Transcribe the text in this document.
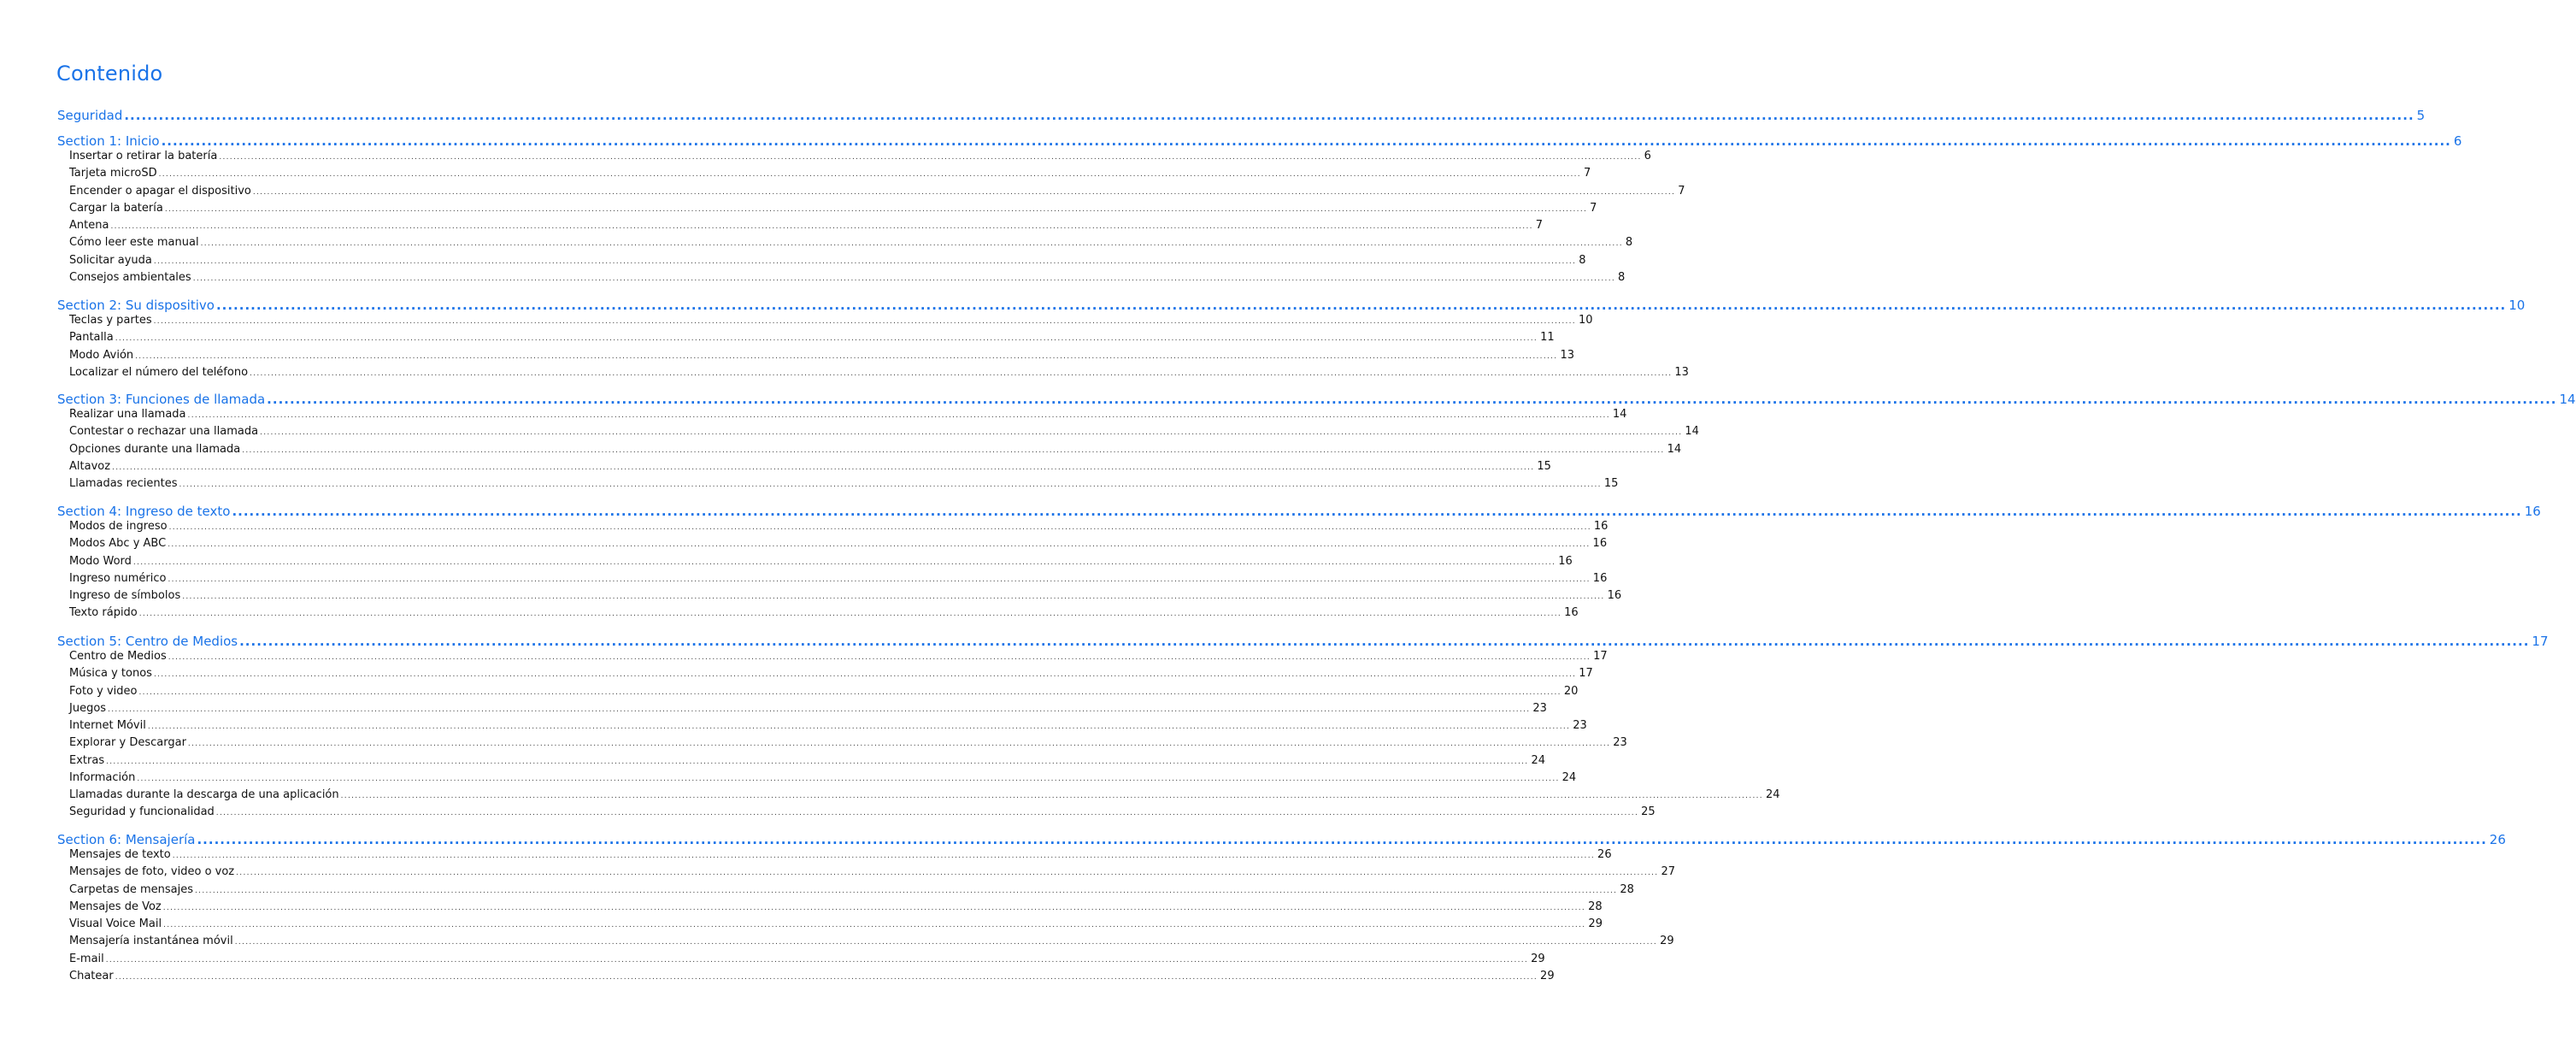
Contenido
Seguridad ................................................................................................................................................................................................................................................................................................................................................................................................................ 5
Section 1: Inicio ................................................................................................................................................................................................................................................................................................................................................................................................................ 6
Insertar o retirar la batería ................................................................................................................................................................................................................................................................................................................................................................................................................ 6
Tarjeta microSD ................................................................................................................................................................................................................................................................................................................................................................................................................ 7
Encender o apagar el dispositivo ................................................................................................................................................................................................................................................................................................................................................................................................................ 7
Cargar la batería ................................................................................................................................................................................................................................................................................................................................................................................................................ 7
Antena ................................................................................................................................................................................................................................................................................................................................................................................................................ 7
Cómo leer este manual ................................................................................................................................................................................................................................................................................................................................................................................................................ 8
Solicitar ayuda ................................................................................................................................................................................................................................................................................................................................................................................................................ 8
Consejos ambientales ................................................................................................................................................................................................................................................................................................................................................................................................................ 8
Section 2: Su dispositivo ................................................................................................................................................................................................................................................................................................................................................................................................................ 10
Teclas y partes ................................................................................................................................................................................................................................................................................................................................................................................................................ 10
Pantalla ................................................................................................................................................................................................................................................................................................................................................................................................................ 11
Modo Avión ................................................................................................................................................................................................................................................................................................................................................................................................................ 13
Localizar el número del teléfono ................................................................................................................................................................................................................................................................................................................................................................................................................ 13
Section 3: Funciones de llamada ................................................................................................................................................................................................................................................................................................................................................................................................................ 14
Realizar una llamada ................................................................................................................................................................................................................................................................................................................................................................................................................ 14
Contestar o rechazar una llamada ................................................................................................................................................................................................................................................................................................................................................................................................................ 14
Opciones durante una llamada ................................................................................................................................................................................................................................................................................................................................................................................................................ 14
Altavoz ................................................................................................................................................................................................................................................................................................................................................................................................................ 15
Llamadas recientes ................................................................................................................................................................................................................................................................................................................................................................................................................ 15
Section 4: Ingreso de texto ................................................................................................................................................................................................................................................................................................................................................................................................................ 16
Modos de ingreso ................................................................................................................................................................................................................................................................................................................................................................................................................ 16
Modos Abc y ABC ................................................................................................................................................................................................................................................................................................................................................................................................................ 16
Modo Word ................................................................................................................................................................................................................................................................................................................................................................................................................ 16
Ingreso numérico ................................................................................................................................................................................................................................................................................................................................................................................................................ 16
Ingreso de símbolos ................................................................................................................................................................................................................................................................................................................................................................................................................ 16
Texto rápido ................................................................................................................................................................................................................................................................................................................................................................................................................ 16
Section 5: Centro de Medios ................................................................................................................................................................................................................................................................................................................................................................................................................ 17
Centro de Medios ................................................................................................................................................................................................................................................................................................................................................................................................................ 17
Música y tonos ................................................................................................................................................................................................................................................................................................................................................................................................................ 17
Foto y video ................................................................................................................................................................................................................................................................................................................................................................................................................ 20
Juegos ................................................................................................................................................................................................................................................................................................................................................................................................................ 23
Internet Móvil ................................................................................................................................................................................................................................................................................................................................................................................................................ 23
Explorar y Descargar ................................................................................................................................................................................................................................................................................................................................................................................................................ 23
Extras ................................................................................................................................................................................................................................................................................................................................................................................................................ 24
Información ................................................................................................................................................................................................................................................................................................................................................................................................................ 24
Llamadas durante la descarga de una aplicación ................................................................................................................................................................................................................................................................................................................................................................................................................ 24
Seguridad y funcionalidad ................................................................................................................................................................................................................................................................................................................................................................................................................ 25
Section 6: Mensajería ................................................................................................................................................................................................................................................................................................................................................................................................................ 26
Mensajes de texto ................................................................................................................................................................................................................................................................................................................................................................................................................ 26
Mensajes de foto, video o voz ................................................................................................................................................................................................................................................................................................................................................................................................................ 27
Carpetas de mensajes ................................................................................................................................................................................................................................................................................................................................................................................................................ 28
Mensajes de Voz ................................................................................................................................................................................................................................................................................................................................................................................................................ 28
Visual Voice Mail ................................................................................................................................................................................................................................................................................................................................................................................................................ 29
Mensajería instantánea móvil ................................................................................................................................................................................................................................................................................................................................................................................................................ 29
E-mail ................................................................................................................................................................................................................................................................................................................................................................................................................ 29
Chatear ................................................................................................................................................................................................................................................................................................................................................................................................................ 29
